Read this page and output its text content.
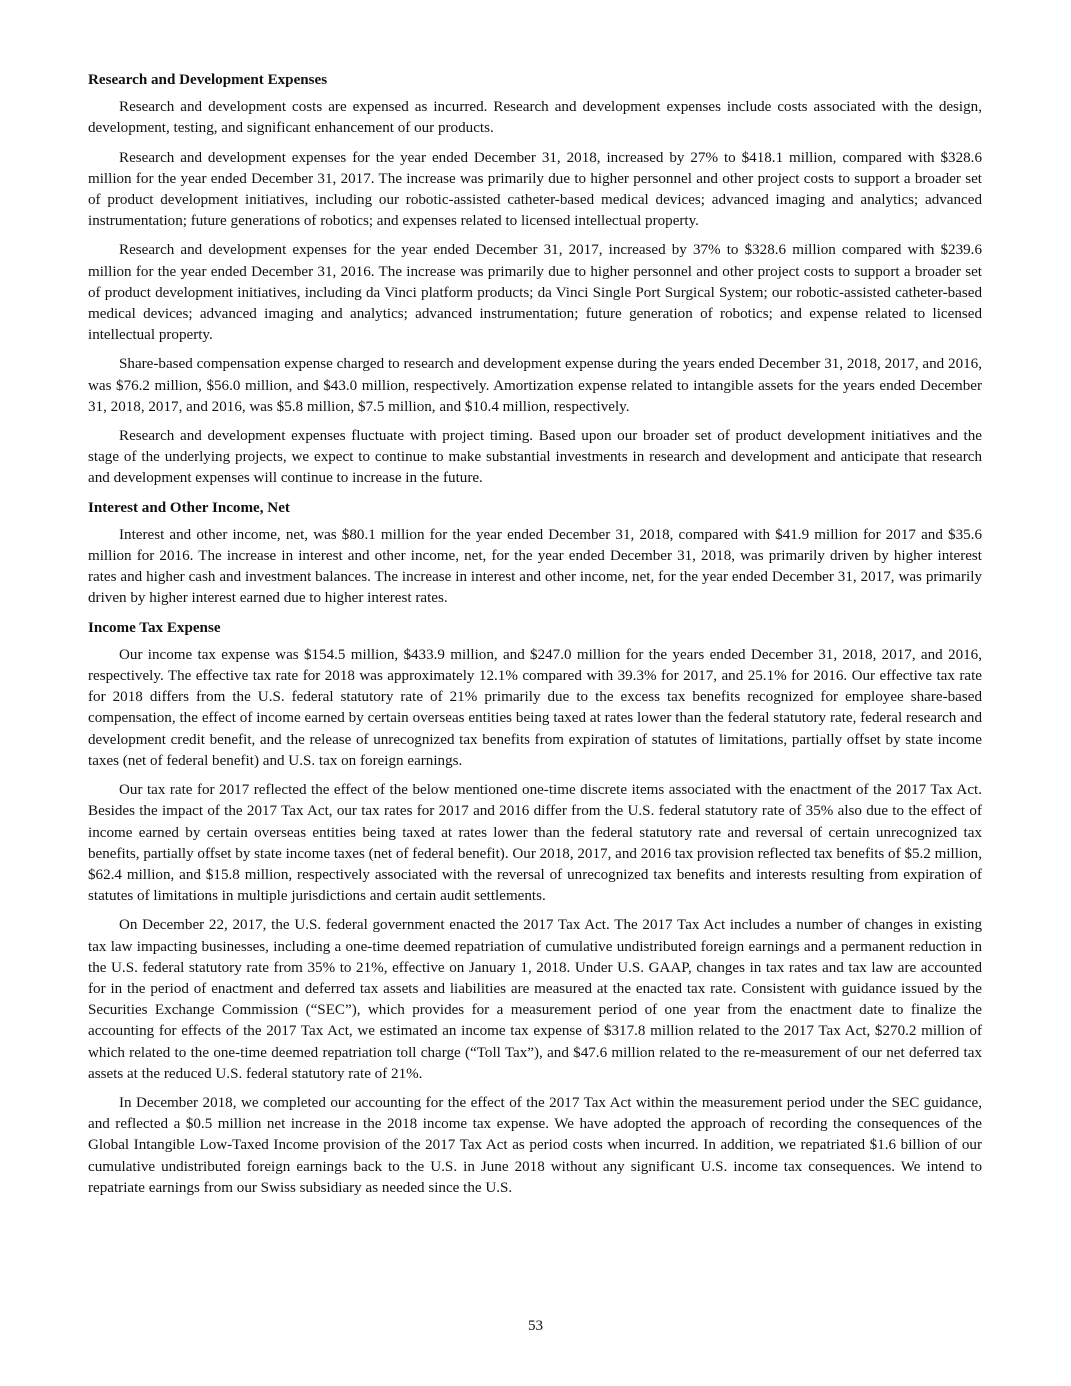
Research and Development Expenses

Research and development costs are expensed as incurred. Research and development expenses include costs associated with the design, development, testing, and significant enhancement of our products.

Research and development expenses for the year ended December 31, 2018, increased by 27% to $418.1 million, compared with $328.6 million for the year ended December 31, 2017. The increase was primarily due to higher personnel and other project costs to support a broader set of product development initiatives, including our robotic-assisted catheter-based medical devices; advanced imaging and analytics; advanced instrumentation; future generations of robotics; and expenses related to licensed intellectual property.

Research and development expenses for the year ended December 31, 2017, increased by 37% to $328.6 million compared with $239.6 million for the year ended December 31, 2016. The increase was primarily due to higher personnel and other project costs to support a broader set of product development initiatives, including da Vinci platform products; da Vinci Single Port Surgical System; our robotic-assisted catheter-based medical devices; advanced imaging and analytics; advanced instrumentation; future generation of robotics; and expense related to licensed intellectual property.

Share-based compensation expense charged to research and development expense during the years ended December 31, 2018, 2017, and 2016, was $76.2 million, $56.0 million, and $43.0 million, respectively. Amortization expense related to intangible assets for the years ended December 31, 2018, 2017, and 2016, was $5.8 million, $7.5 million, and $10.4 million, respectively.

Research and development expenses fluctuate with project timing. Based upon our broader set of product development initiatives and the stage of the underlying projects, we expect to continue to make substantial investments in research and development and anticipate that research and development expenses will continue to increase in the future.

Interest and Other Income, Net

Interest and other income, net, was $80.1 million for the year ended December 31, 2018, compared with $41.9 million for 2017 and $35.6 million for 2016. The increase in interest and other income, net, for the year ended December 31, 2018, was primarily driven by higher interest rates and higher cash and investment balances. The increase in interest and other income, net, for the year ended December 31, 2017, was primarily driven by higher interest earned due to higher interest rates.

Income Tax Expense

Our income tax expense was $154.5 million, $433.9 million, and $247.0 million for the years ended December 31, 2018, 2017, and 2016, respectively. The effective tax rate for 2018 was approximately 12.1% compared with 39.3% for 2017, and 25.1% for 2016. Our effective tax rate for 2018 differs from the U.S. federal statutory rate of 21% primarily due to the excess tax benefits recognized for employee share-based compensation, the effect of income earned by certain overseas entities being taxed at rates lower than the federal statutory rate, federal research and development credit benefit, and the release of unrecognized tax benefits from expiration of statutes of limitations, partially offset by state income taxes (net of federal benefit) and U.S. tax on foreign earnings.

Our tax rate for 2017 reflected the effect of the below mentioned one-time discrete items associated with the enactment of the 2017 Tax Act. Besides the impact of the 2017 Tax Act, our tax rates for 2017 and 2016 differ from the U.S. federal statutory rate of 35% also due to the effect of income earned by certain overseas entities being taxed at rates lower than the federal statutory rate and reversal of certain unrecognized tax benefits, partially offset by state income taxes (net of federal benefit). Our 2018, 2017, and 2016 tax provision reflected tax benefits of $5.2 million, $62.4 million, and $15.8 million, respectively associated with the reversal of unrecognized tax benefits and interests resulting from expiration of statutes of limitations in multiple jurisdictions and certain audit settlements.

On December 22, 2017, the U.S. federal government enacted the 2017 Tax Act. The 2017 Tax Act includes a number of changes in existing tax law impacting businesses, including a one-time deemed repatriation of cumulative undistributed foreign earnings and a permanent reduction in the U.S. federal statutory rate from 35% to 21%, effective on January 1, 2018. Under U.S. GAAP, changes in tax rates and tax law are accounted for in the period of enactment and deferred tax assets and liabilities are measured at the enacted tax rate. Consistent with guidance issued by the Securities Exchange Commission (“SEC”), which provides for a measurement period of one year from the enactment date to finalize the accounting for effects of the 2017 Tax Act, we estimated an income tax expense of $317.8 million related to the 2017 Tax Act, $270.2 million of which related to the one-time deemed repatriation toll charge (“Toll Tax”), and $47.6 million related to the re-measurement of our net deferred tax assets at the reduced U.S. federal statutory rate of 21%.

In December 2018, we completed our accounting for the effect of the 2017 Tax Act within the measurement period under the SEC guidance, and reflected a $0.5 million net increase in the 2018 income tax expense. We have adopted the approach of recording the consequences of the Global Intangible Low-Taxed Income provision of the 2017 Tax Act as period costs when incurred. In addition, we repatriated $1.6 billion of our cumulative undistributed foreign earnings back to the U.S. in June 2018 without any significant U.S. income tax consequences. We intend to repatriate earnings from our Swiss subsidiary as needed since the U.S.

53
